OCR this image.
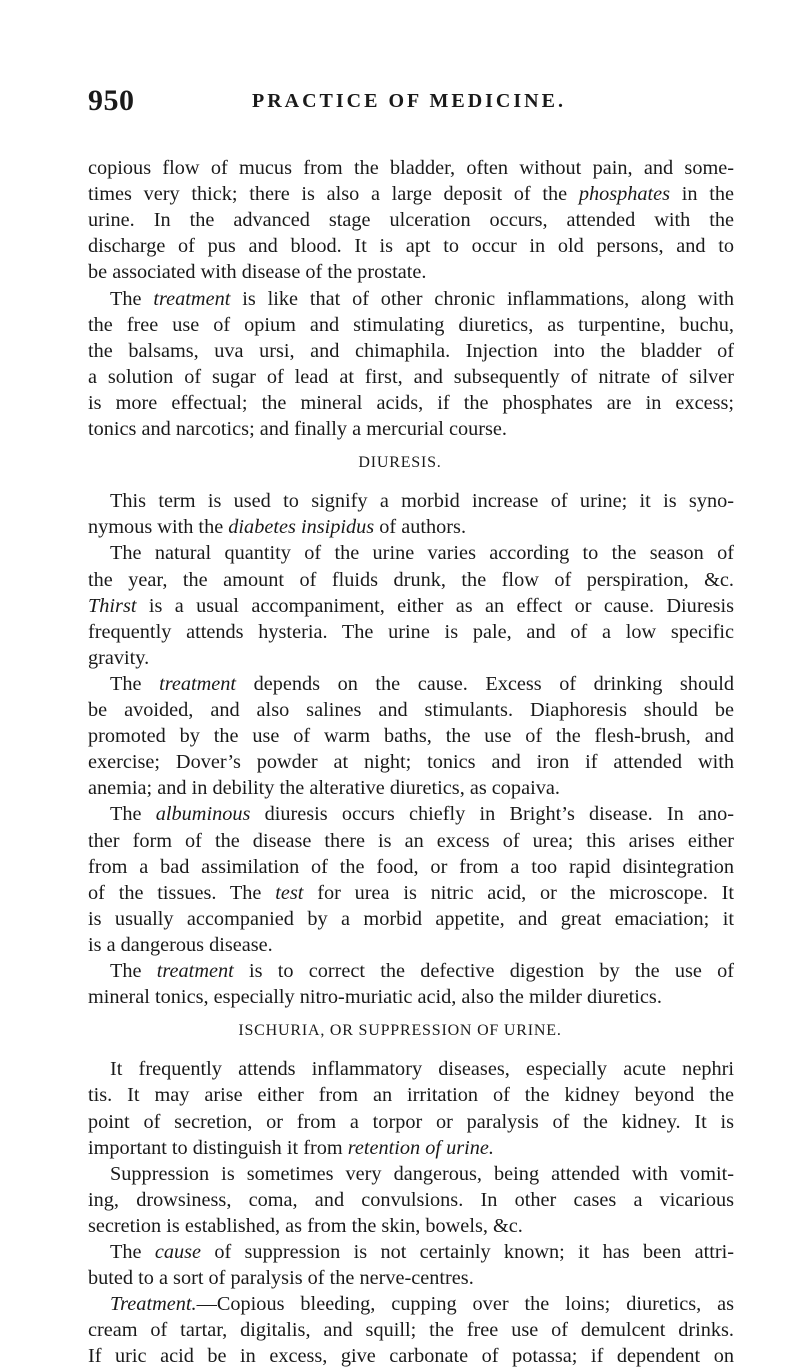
950	PRACTICE OF MEDICINE.
copious flow of mucus from the bladder, often without pain, and some-
times very thick; there is also a large deposit of the phosphates in the
urine. In the advanced stage ulceration occurs, attended with the
discharge of pus and blood. It is apt to occur in old persons, and to
be associated with disease of the prostate.
The treatment is like that of other chronic inflammations, along with
the free use of opium and stimulating diuretics, as turpentine, buchu,
the balsams, uva ursi, and chimaphila. Injection into the bladder of
a solution of sugar of lead at first, and subsequently of nitrate of silver
is more effectual; the mineral acids, if the phosphates are in excess;
tonics and narcotics; and finally a mercurial course.
DIURESIS.
This term is used to signify a morbid increase of urine; it is syno-
nymous with the diabetes insipidus of authors.
The natural quantity of the urine varies according to the season of
the year, the amount of fluids drunk, the flow of perspiration, &c.
Thirst is a usual accompaniment, either as an effect or cause. Diuresis
frequently attends hysteria. The urine is pale, and of a low specific
gravity.
The treatment depends on the cause. Excess of drinking should
be avoided, and also salines and stimulants. Diaphoresis should be
promoted by the use of warm baths, the use of the flesh-brush, and
exercise; Dover’s powder at night; tonics and iron if attended with
anemia; and in debility the alterative diuretics, as copaiva.
The albuminous diuresis occurs chiefly in Bright’s disease. In ano-
ther form of the disease there is an excess of urea; this arises either
from a bad assimilation of the food, or from a too rapid disintegration
of the tissues. The test for urea is nitric acid, or the microscope. It
is usually accompanied by a morbid appetite, and great emaciation; it
is a dangerous disease.
The treatment is to correct the defective digestion by the use of
mineral tonics, especially nitro-muriatic acid, also the milder diuretics.
ISCHURIA, OR SUPPRESSION OF URINE.
It frequently attends inflammatory diseases, especially acute nephri
tis. It may arise either from an irritation of the kidney beyond the
point of secretion, or from a torpor or paralysis of the kidney. It is
important to distinguish it from retention of urine.
Suppression is sometimes very dangerous, being attended with vomit-
ing, drowsiness, coma, and convulsions. In other cases a vicarious
secretion is established, as from the skin, bowels, &c.
The cause of suppression is not certainly known; it has been attri-
buted to a sort of paralysis of the nerve-centres.
Treatment.—Copious bleeding, cupping over the loins; diuretics, as
cream of tartar, digitalis, and squill; the free use of demulcent drinks.
If uric acid be in excess, give carbonate of potassa; if dependent on
